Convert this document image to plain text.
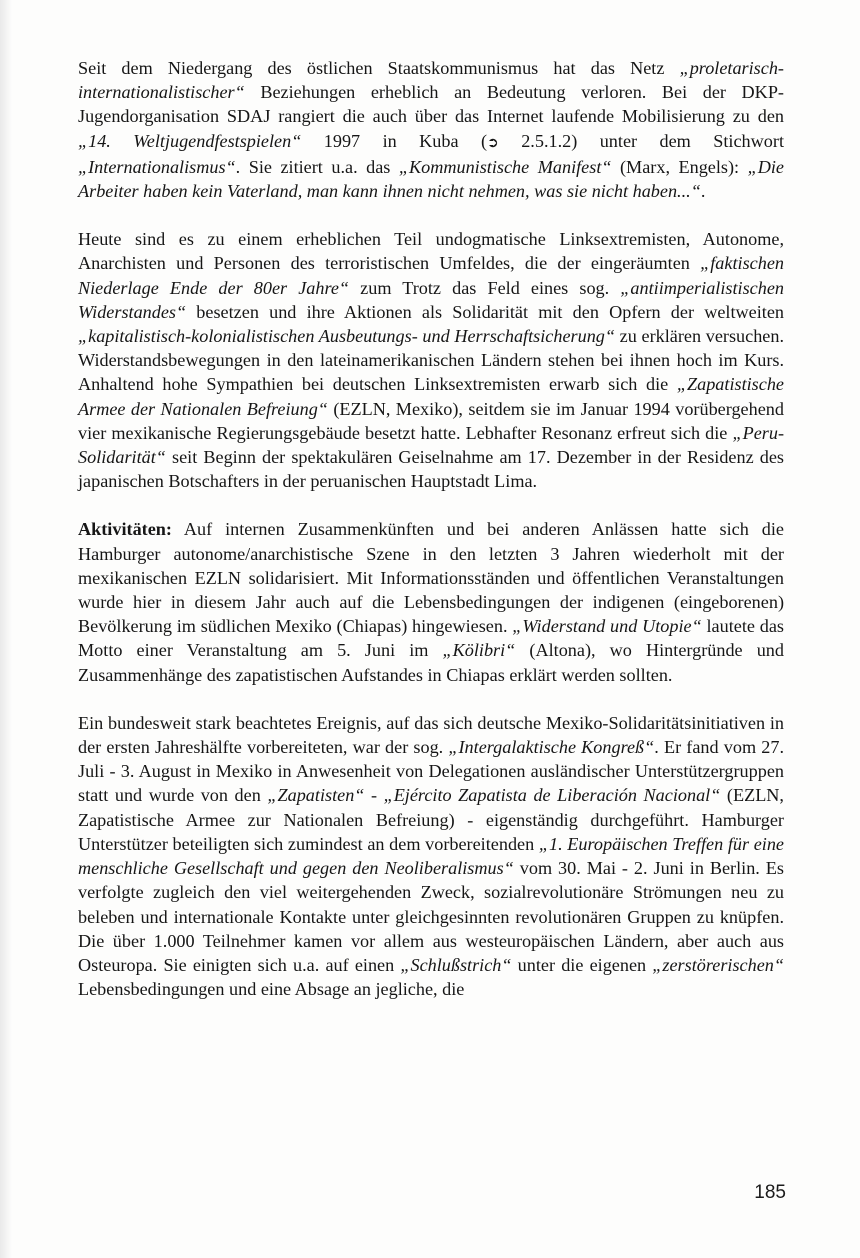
Seit dem Niedergang des östlichen Staatskommunismus hat das Netz „proletarisch-internationalistischer“ Beziehungen erheblich an Bedeutung verloren. Bei der DKP-Jugendorganisation SDAJ rangiert die auch über das Internet laufende Mobilisierung zu den „14. Weltjugendfestspielen“ 1997 in Kuba (➲ 2.5.1.2) unter dem Stichwort „Internationalismus“. Sie zitiert u.a. das „Kommunistische Manifest“ (Marx, Engels): „Die Arbeiter haben kein Vaterland, man kann ihnen nicht nehmen, was sie nicht haben...“.

Heute sind es zu einem erheblichen Teil undogmatische Linksextremisten, Autonome, Anarchisten und Personen des terroristischen Umfeldes, die der eingeräumten „faktischen Niederlage Ende der 80er Jahre“ zum Trotz das Feld eines sog. „antiimperialistischen Widerstandes“ besetzen und ihre Aktionen als Solidarität mit den Opfern der weltweiten „kapitalistisch-kolonialistischen Ausbeutungs- und Herrschaftsicherung“ zu erklären versuchen. Widerstandsbewegungen in den lateinamerikanischen Ländern stehen bei ihnen hoch im Kurs. Anhaltend hohe Sympathien bei deutschen Linksextremisten erwarb sich die „Zapatistische Armee der Nationalen Befreiung“ (EZLN, Mexiko), seitdem sie im Januar 1994 vorübergehend vier mexikanische Regierungsgebäude besetzt hatte. Lebhafter Resonanz erfreut sich die „Peru-Solidarität“ seit Beginn der spektakulären Geiselnahme am 17. Dezember in der Residenz des japanischen Botschafters in der peruanischen Hauptstadt Lima.

Aktivitäten: Auf internen Zusammenkünften und bei anderen Anlässen hatte sich die Hamburger autonome/anarchistische Szene in den letzten 3 Jahren wiederholt mit der mexikanischen EZLN solidarisiert. Mit Informationsständen und öffentlichen Veranstaltungen wurde hier in diesem Jahr auch auf die Lebensbedingungen der indigenen (eingeborenen) Bevölkerung im südlichen Mexiko (Chiapas) hingewiesen. „Widerstand und Utopie“ lautete das Motto einer Veranstaltung am 5. Juni im „Kölibri“ (Altona), wo Hintergründe und Zusammenhänge des zapatistischen Aufstandes in Chiapas erklärt werden sollten.

Ein bundesweit stark beachtetes Ereignis, auf das sich deutsche Mexiko-Solidaritätsinitiativen in der ersten Jahreshälfte vorbereiteten, war der sog. „Intergalaktische Kongreß“. Er fand vom 27. Juli - 3. August in Mexiko in Anwesenheit von Delegationen ausländischer Unterstützergruppen statt und wurde von den „Zapatisten“ - „Ejército Zapatista de Liberación Nacional“ (EZLN, Zapatistische Armee zur Nationalen Befreiung) - eigenständig durchgeführt. Hamburger Unterstützer beteiligten sich zumindest an dem vorbereitenden „1. Europäischen Treffen für eine menschliche Gesellschaft und gegen den Neoliberalismus“ vom 30. Mai - 2. Juni in Berlin. Es verfolgte zugleich den viel weitergehenden Zweck, sozialrevolutionäre Strömungen neu zu beleben und internationale Kontakte unter gleichgesinnten revolutionären Gruppen zu knüpfen. Die über 1.000 Teilnehmer kamen vor allem aus westeuropäischen Ländern, aber auch aus Osteuropa. Sie einigten sich u.a. auf einen „Schlußstrich“ unter die eigenen „zerstörerischen“ Lebensbedingungen und eine Absage an jegliche, die

185
